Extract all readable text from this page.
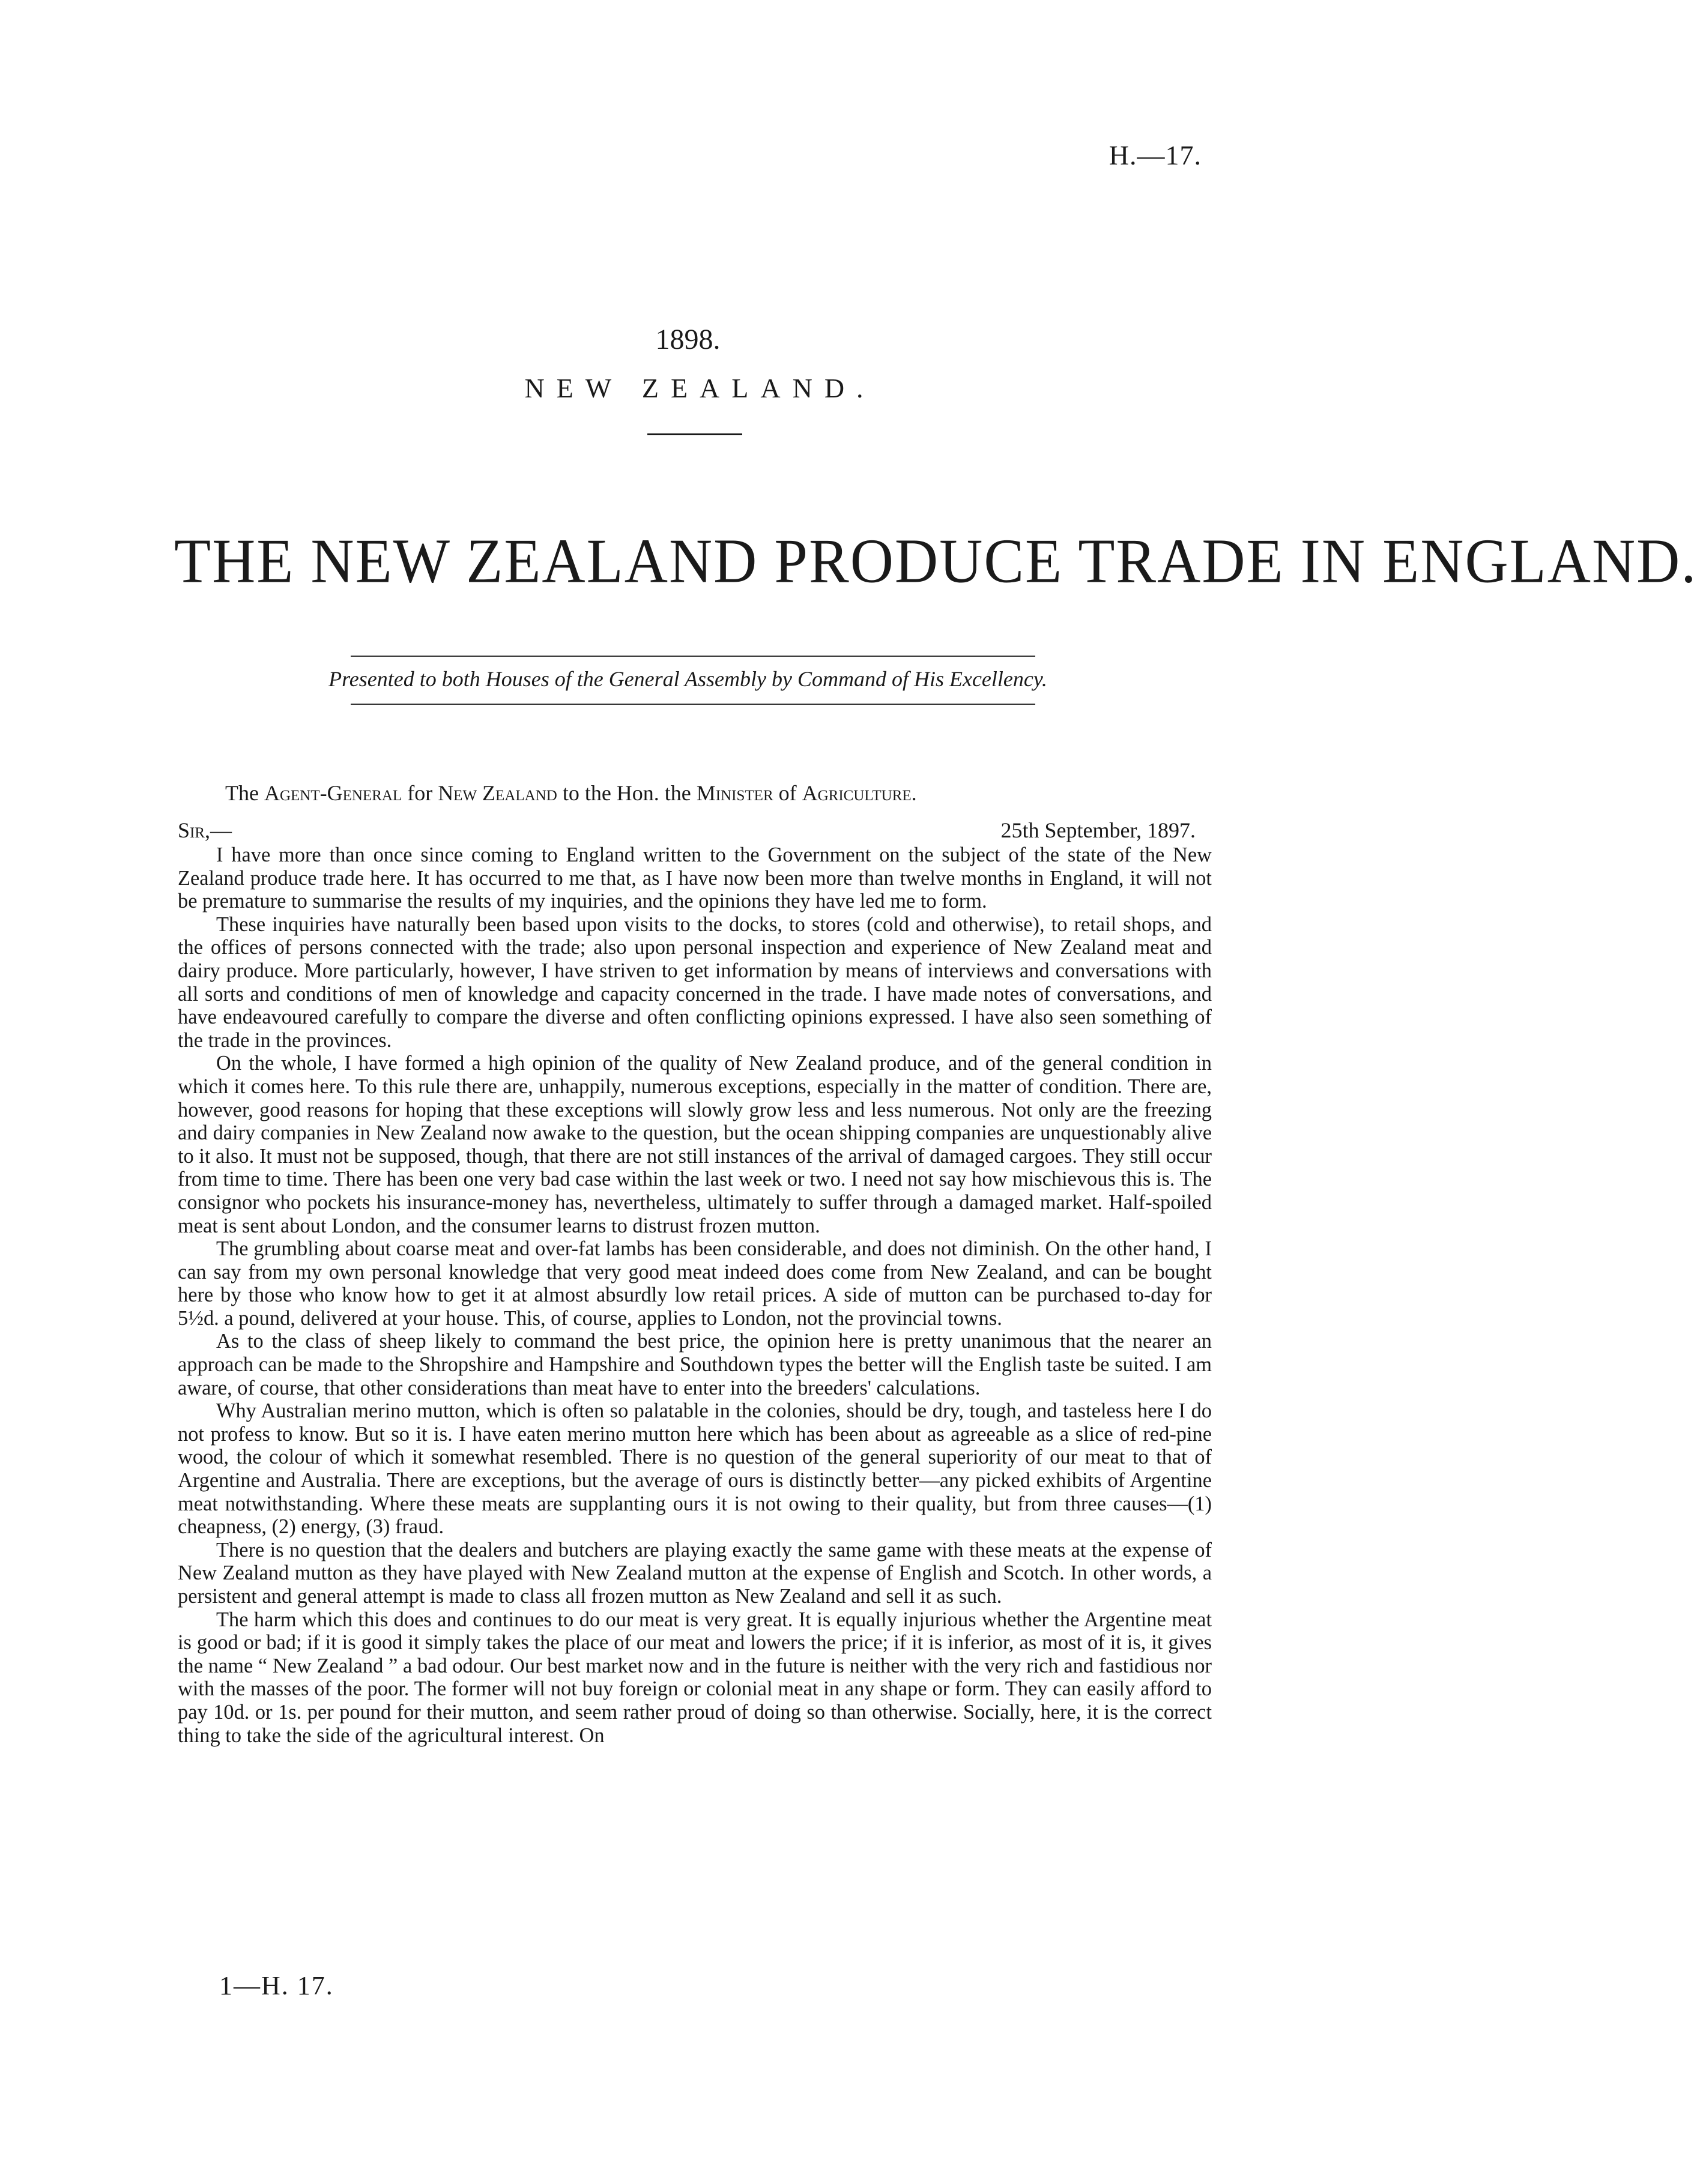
H.—17.
1898.
NEW ZEALAND.
THE NEW ZEALAND PRODUCE TRADE IN ENGLAND.
Presented to both Houses of the General Assembly by Command of His Excellency.
The Agent-General for New Zealand to the Hon. the Minister of Agriculture.
Sir,—	25th September, 1897.

I have more than once since coming to England written to the Government on the subject of the state of the New Zealand produce trade here. It has occurred to me that, as I have now been more than twelve months in England, it will not be premature to summarise the results of my inquiries, and the opinions they have led me to form.

These inquiries have naturally been based upon visits to the docks, to stores (cold and otherwise), to retail shops, and the offices of persons connected with the trade; also upon personal inspection and experience of New Zealand meat and dairy produce. More particularly, however, I have striven to get information by means of interviews and conversations with all sorts and conditions of men of knowledge and capacity concerned in the trade. I have made notes of conversations, and have endeavoured carefully to compare the diverse and often conflicting opinions expressed. I have also seen something of the trade in the provinces.

On the whole, I have formed a high opinion of the quality of New Zealand produce, and of the general condition in which it comes here. To this rule there are, unhappily, numerous exceptions, especially in the matter of condition. There are, however, good reasons for hoping that these exceptions will slowly grow less and less numerous. Not only are the freezing and dairy companies in New Zealand now awake to the question, but the ocean shipping companies are unquestionably alive to it also. It must not be supposed, though, that there are not still instances of the arrival of damaged cargoes. They still occur from time to time. There has been one very bad case within the last week or two. I need not say how mischievous this is. The consignor who pockets his insurance-money has, nevertheless, ultimately to suffer through a damaged market. Half-spoiled meat is sent about London, and the consumer learns to distrust frozen mutton.

The grumbling about coarse meat and over-fat lambs has been considerable, and does not diminish. On the other hand, I can say from my own personal knowledge that very good meat indeed does come from New Zealand, and can be bought here by those who know how to get it at almost absurdly low retail prices. A side of mutton can be purchased to-day for 5½d. a pound, delivered at your house. This, of course, applies to London, not the provincial towns.

As to the class of sheep likely to command the best price, the opinion here is pretty unanimous that the nearer an approach can be made to the Shropshire and Hampshire and Southdown types the better will the English taste be suited. I am aware, of course, that other considerations than meat have to enter into the breeders' calculations.

Why Australian merino mutton, which is often so palatable in the colonies, should be dry, tough, and tasteless here I do not profess to know. But so it is. I have eaten merino mutton here which has been about as agreeable as a slice of red-pine wood, the colour of which it somewhat resembled. There is no question of the general superiority of our meat to that of Argentine and Australia. There are exceptions, but the average of ours is distinctly better—any picked exhibits of Argentine meat notwithstanding. Where these meats are supplanting ours it is not owing to their quality, but from three causes—(1) cheapness, (2) energy, (3) fraud.

There is no question that the dealers and butchers are playing exactly the same game with these meats at the expense of New Zealand mutton as they have played with New Zealand mutton at the expense of English and Scotch. In other words, a persistent and general attempt is made to class all frozen mutton as New Zealand and sell it as such.

The harm which this does and continues to do our meat is very great. It is equally injurious whether the Argentine meat is good or bad; if it is good it simply takes the place of our meat and lowers the price; if it is inferior, as most of it is, it gives the name “ New Zealand ” a bad odour. Our best market now and in the future is neither with the very rich and fastidious nor with the masses of the poor. The former will not buy foreign or colonial meat in any shape or form. They can easily afford to pay 10d. or 1s. per pound for their mutton, and seem rather proud of doing so than otherwise. Socially, here, it is the correct thing to take the side of the agricultural interest. On

1—H. 17.
